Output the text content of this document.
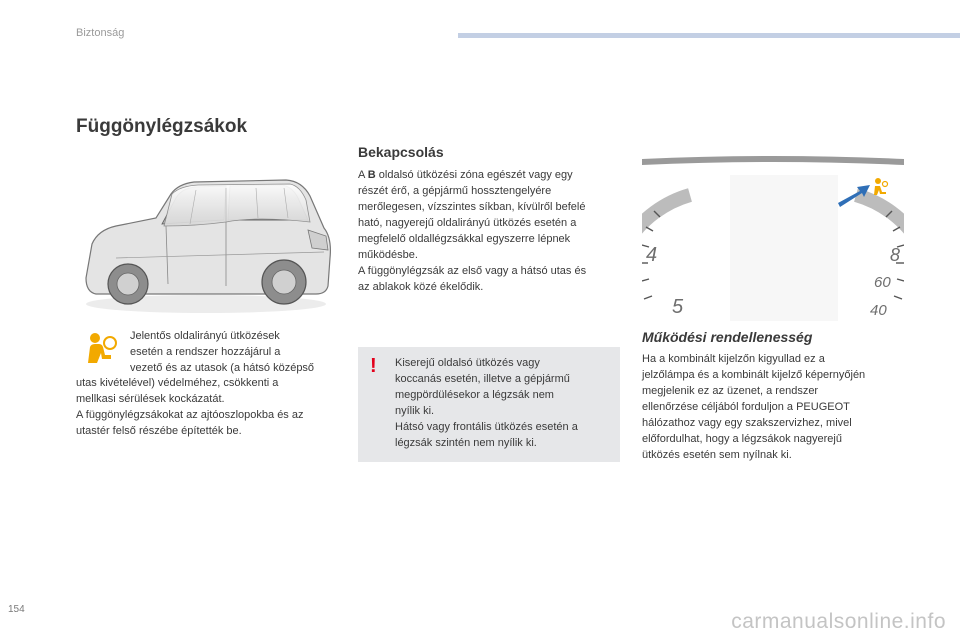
Biztonság
Függönylégzsákok
Jelentős oldalirányú ütközések
esetén a rendszer hozzájárul a
vezető és az utasok (a hátsó középső
utas kivételével) védelméhez, csökkenti a
mellkasi sérülések kockázatát.
A függönylégzsákokat az ajtóoszlopokba és az
utastér felső részébe építették be.
Bekapcsolás
A B oldalsó ütközési zóna egészét vagy egy
részét érő, a gépjármű hossztengelyére
merőlegesen, vízszintes síkban, kívülről befelé
ható, nagyerejű oldalirányú ütközés esetén a
megfelelő oldallégzsákkal egyszerre lépnek
működésbe.
A függönylégzsák az első vagy a hátsó utas és
az ablakok közé ékelődik.
! Kiserejű oldalsó ütközés vagy
koccanás esetén, illetve a gépjármű
megpördülésekor a légzsák nem
nyílik ki.
Hátsó vagy frontális ütközés esetén a
légzsák szintén nem nyílik ki.
4
5
8
60
40
Működési rendellenesség
Ha a kombinált kijelzőn kigyullad ez a
jelzőlámpa és a kombinált kijelző képernyőjén
megjelenik ez az üzenet, a rendszer
ellenőrzése céljából forduljon a PEUGEOT
hálózathoz vagy egy szakszervizhez, mivel
előfordulhat, hogy a légzsákok nagyerejű
ütközés esetén sem nyílnak ki.
154
carmanualsonline.info
